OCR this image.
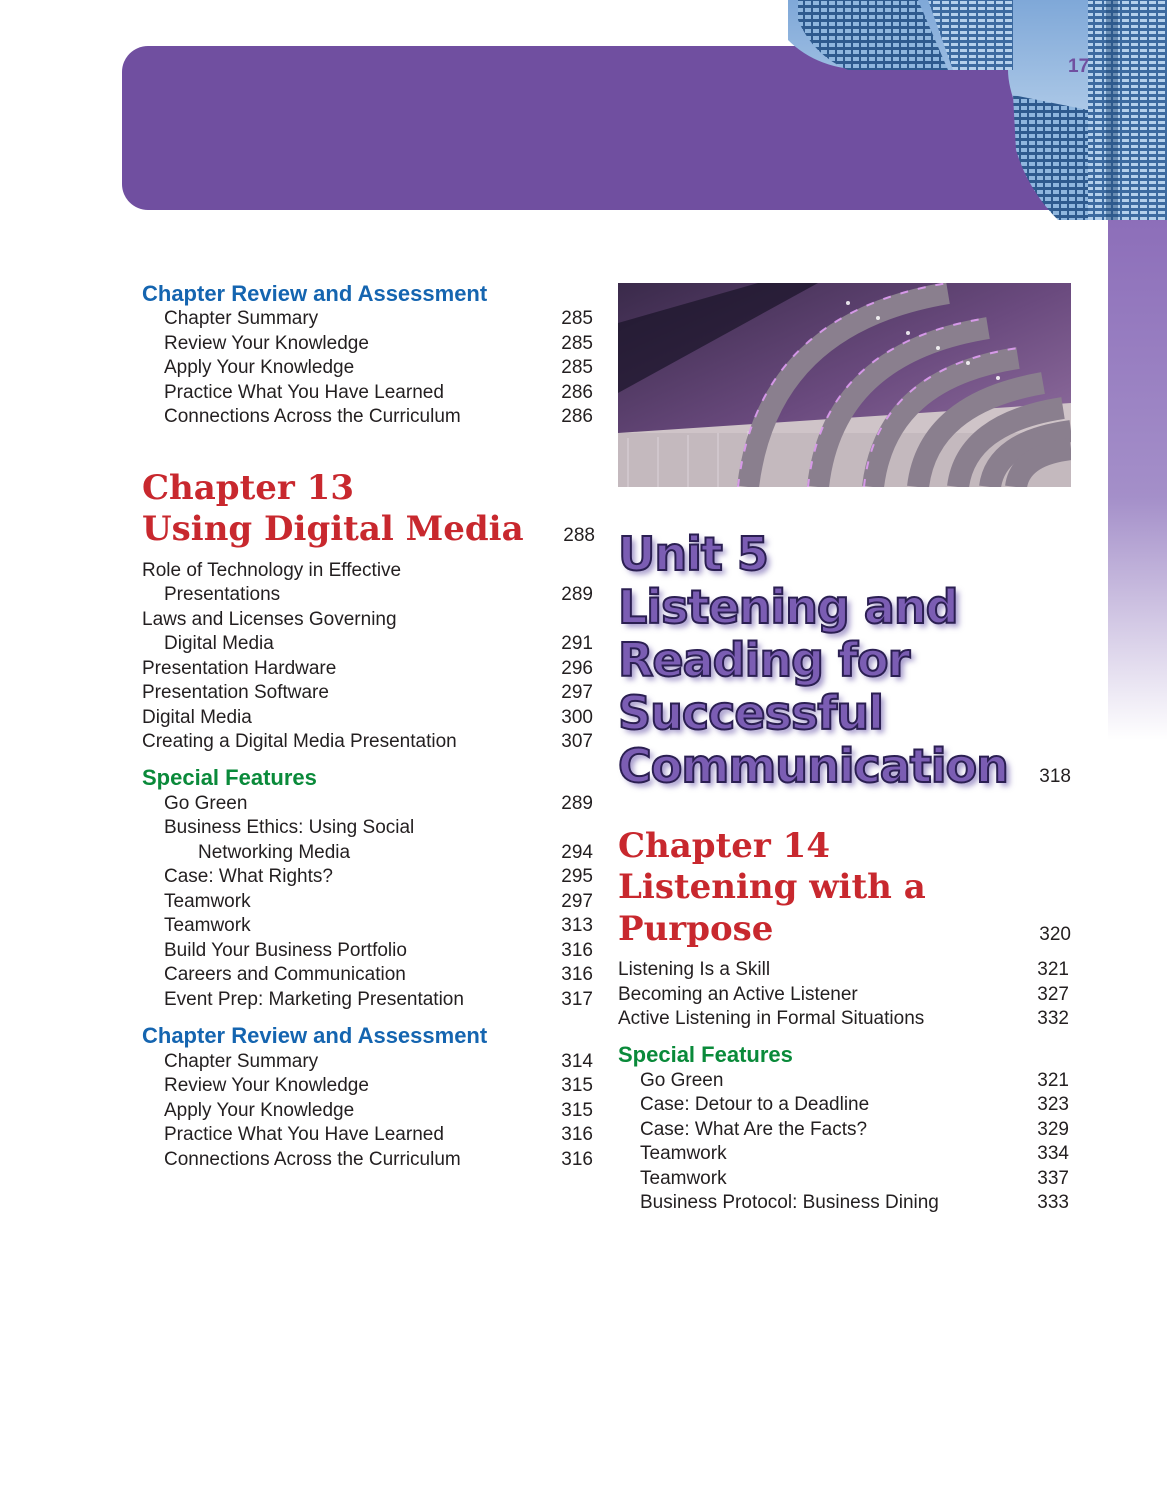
17
Chapter Review and Assessment
Chapter Summary	285
Review Your Knowledge	285
Apply Your Knowledge	285
Practice What You Have Learned	286
Connections Across the Curriculum	286
Chapter 13
Using Digital Media	288
Role of Technology in Effective
Presentations	289
Laws and Licenses Governing
Digital Media	291
Presentation Hardware	296
Presentation Software	297
Digital Media	300
Creating a Digital Media Presentation	307
Special Features
Go Green	289
Business Ethics: Using Social
Networking Media	294
Case: What Rights?	295
Teamwork	297
Teamwork	313
Build Your Business Portfolio	316
Careers and Communication	316
Event Prep: Marketing Presentation	317
Chapter Review and Assessment
Chapter Summary	314
Review Your Knowledge	315
Apply Your Knowledge	315
Practice What You Have Learned	316
Connections Across the Curriculum	316
Unit 5
Listening and
Reading for
Successful
Communication	318
Chapter 14
Listening with a
Purpose	320
Listening Is a Skill	321
Becoming an Active Listener	327
Active Listening in Formal Situations	332
Special Features
Go Green	321
Case: Detour to a Deadline	323
Case: What Are the Facts?	329
Teamwork	334
Teamwork	337
Business Protocol: Business Dining	333
